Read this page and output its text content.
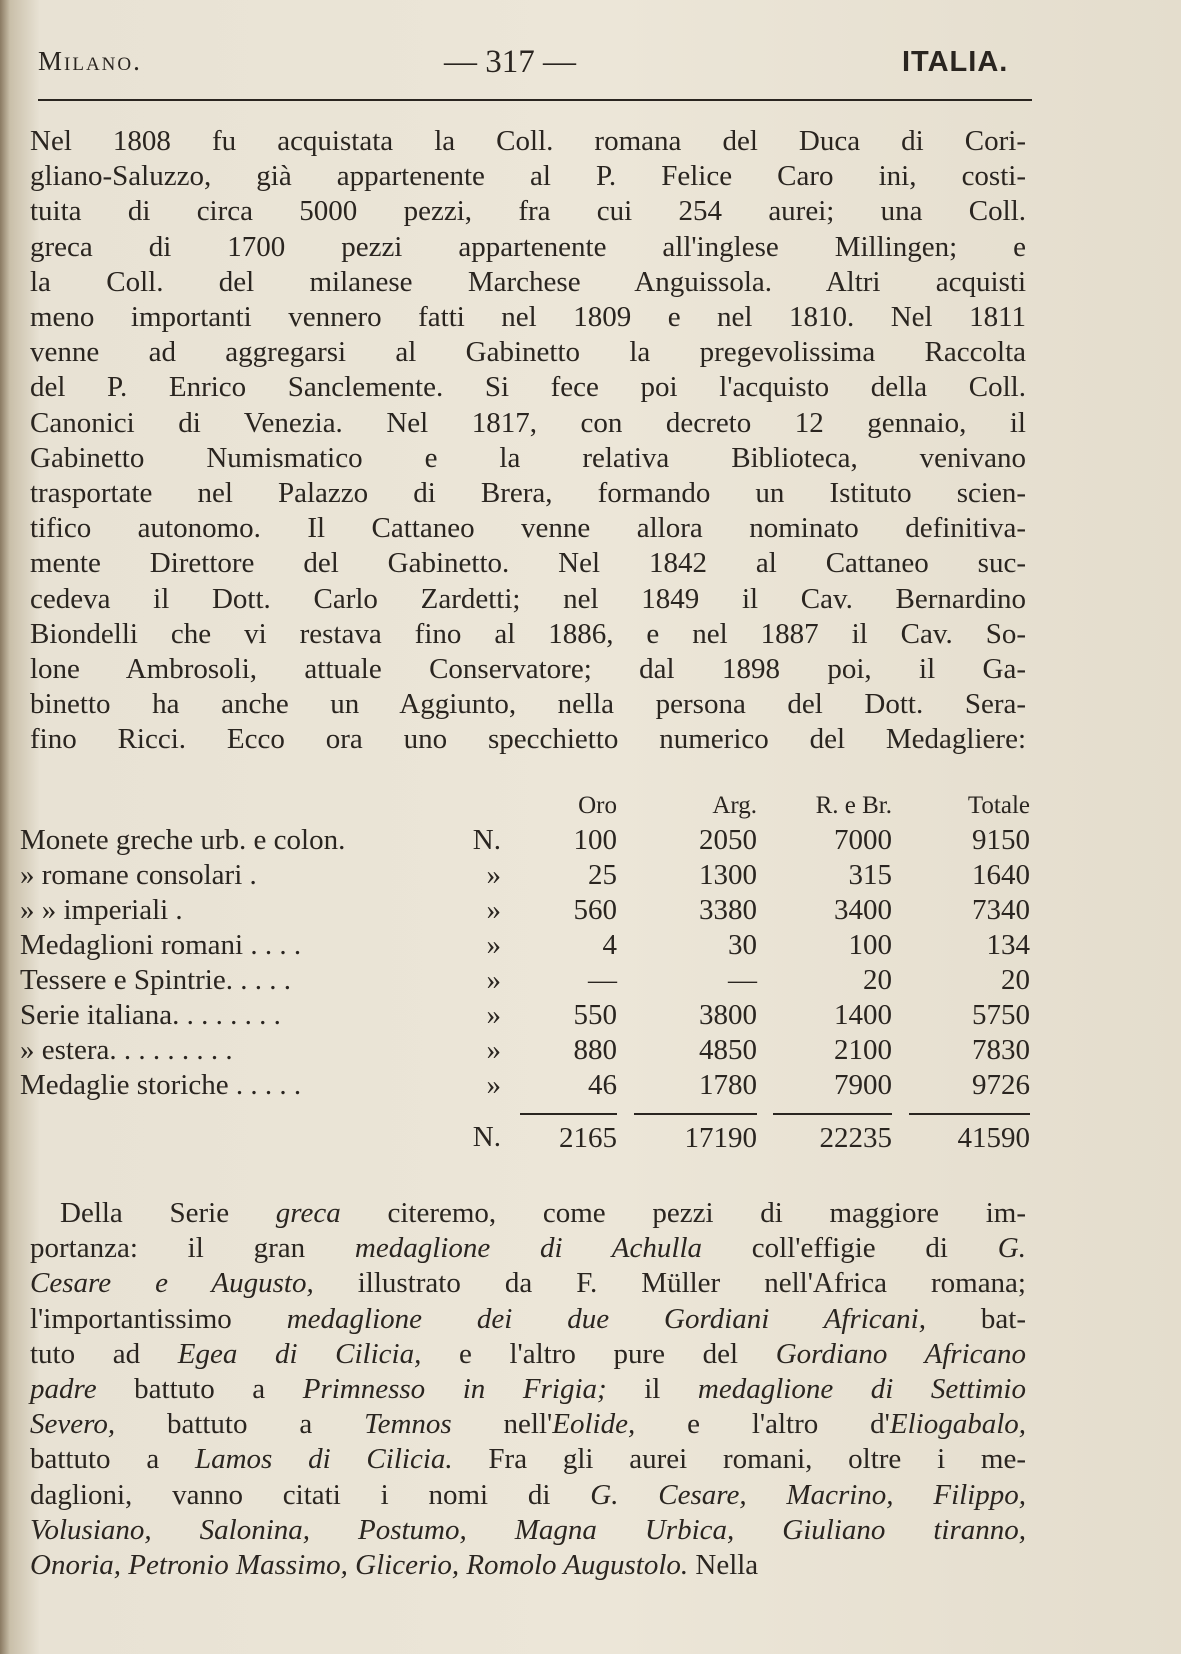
Milano.	— 317 —	ITALIA.
Nel 1808 fu acquistata la Coll. romana del Duca di Cori-
gliano-Saluzzo, già appartenente al P. Felice Caro ini, costi-
tuita di circa 5000 pezzi, fra cui 254 aurei; una Coll.
greca di 1700 pezzi appartenente all'inglese Millingen; e
la Coll. del milanese Marchese Anguissola. Altri acquisti
meno importanti vennero fatti nel 1809 e nel 1810. Nel 1811
venne ad aggregarsi al Gabinetto la pregevolissima Raccolta
del P. Enrico Sanclemente. Si fece poi l'acquisto della Coll.
Canonici di Venezia. Nel 1817, con decreto 12 gennaio, il
Gabinetto Numismatico e la relativa Biblioteca, venivano
trasportate nel Palazzo di Brera, formando un Istituto scien-
tifico autonomo. Il Cattaneo venne allora nominato definitiva-
mente Direttore del Gabinetto. Nel 1842 al Cattaneo suc-
cedeva il Dott. Carlo Zardetti; nel 1849 il Cav. Bernardino
Biondelli che vi restava fino al 1886, e nel 1887 il Cav. So-
lone Ambrosoli, attuale Conservatore; dal 1898 poi, il Ga-
binetto ha anche un Aggiunto, nella persona del Dott. Sera-
fino Ricci. Ecco ora uno specchietto numerico del Medagliere:
		Oro	Arg.	R. e Br.	Totale
Monete greche urb. e colon.	N.	100	2050	7000	9150
» romane consolari .	»	25	1300	315	1640
» » imperiali .	»	560	3380	3400	7340
Medaglioni romani . . . .	»	4	30	100	134
Tessere e Spintrie. . . . .	»	—	—	20	20
Serie italiana. . . . . . . .	»	550	3800	1400	5750
» estera. . . . . . . . .	»	880	4850	2100	7830
Medaglie storiche . . . . .	»	46	1780	7900	9726
	N.	2165	17190	22235	41590
Della Serie greca citeremo, come pezzi di maggiore im-
portanza: il gran medaglione di Achulla coll'effigie di G.
Cesare e Augusto, illustrato da F. Müller nell'Africa romana;
l'importantissimo medaglione dei due Gordiani Africani, bat-
tuto ad Egea di Cilicia, e l'altro pure del Gordiano Africano
padre battuto a Primnesso in Frigia; il medaglione di Settimio
Severo, battuto a Temnos nell'Eolide, e l'altro d'Eliogabalo,
battuto a Lamos di Cilicia. Fra gli aurei romani, oltre i me-
daglioni, vanno citati i nomi di G. Cesare, Macrino, Filippo,
Volusiano, Salonina, Postumo, Magna Urbica, Giuliano tiranno,
Onoria, Petronio Massimo, Glicerio, Romolo Augustolo. Nella
